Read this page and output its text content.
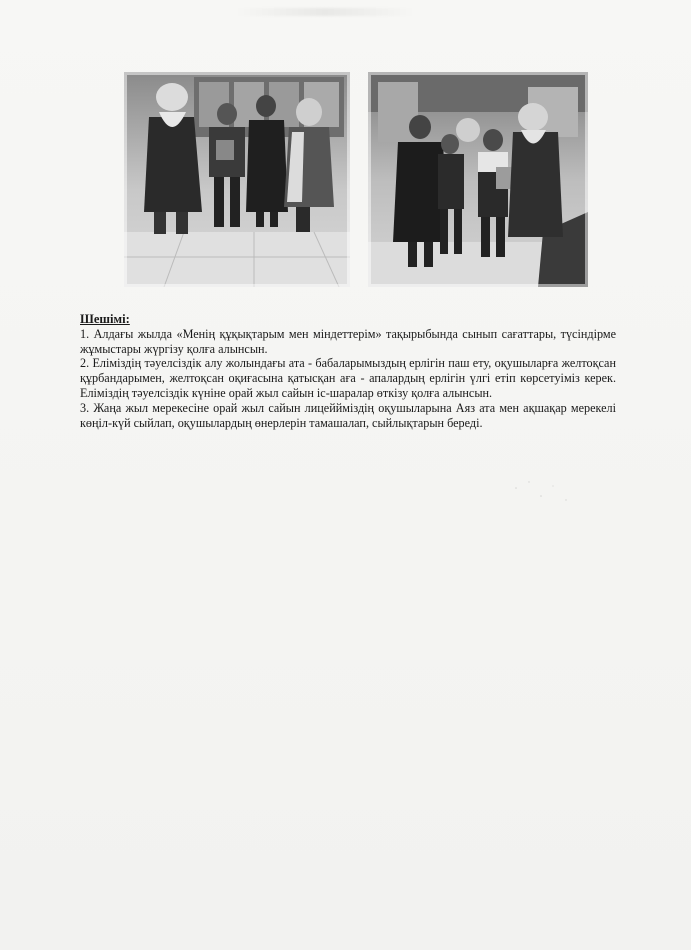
Шешімі:

1. Алдағы жылда «Менің құқықтарым мен міндеттерім» тақырыбында сынып сағаттары, түсіндірме жұмыстары жүргізу қолға алынсын.

2. Еліміздің тәуелсіздік алу жолындағы ата - бабаларымыздың ерлігін паш ету, оқушыларға желтоқсан құрбандарымен, желтоқсан оқиғасына қатысқан аға - апалардың ерлігін үлгі етіп көрсетуіміз керек. Еліміздің тәуелсіздік күніне орай жыл сайын іс-шаралар өткізу қолға алынсын.

3. Жаңа жыл мерекесіне орай жыл сайын лицеййміздің оқушыларына Аяз ата мен ақшақар мерекелі көңіл-күй сыйлап, оқушылардың өнерлерін тамашалап, сыйлықтарын береді.
